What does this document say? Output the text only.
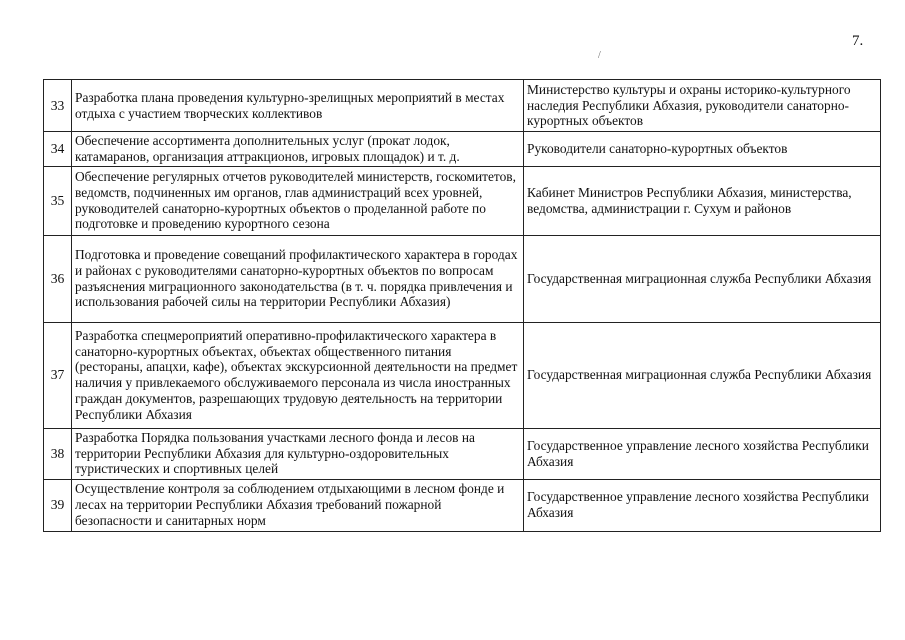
7.
/
33	Разработка плана проведения культурно-зрелищных мероприятий в местах отдыха с участием творческих коллективов	Министерство культуры и охраны историко-культурного наследия Республики Абхазия, руководители санаторно-курортных объектов
34	Обеспечение ассортимента дополнительных услуг (прокат лодок, катамаранов, организация аттракционов, игровых площадок) и т. д.	Руководители санаторно-курортных объектов
35	Обеспечение регулярных отчетов руководителей министерств, госкомитетов, ведомств, подчиненных им органов, глав администраций всех уровней, руководителей санаторно-курортных объектов о проделанной работе по подготовке и проведению курортного сезона	Кабинет Министров Республики Абхазия, министерства, ведомства, администрации г. Сухум и районов
36	Подготовка и проведение совещаний профилактического характера в городах и районах с руководителями санаторно-курортных объектов по вопросам разъяснения миграционного законодательства (в т. ч. порядка привлечения и использования рабочей силы на территории Республики Абхазия)	Государственная миграционная служба Республики Абхазия
37	Разработка спецмероприятий оперативно-профилактического характера в санаторно-курортных объектах, объектах общественного питания (рестораны, апацхи, кафе), объектах экскурсионной деятельности на предмет наличия у привлекаемого обслуживаемого персонала из числа иностранных граждан документов, разрешающих трудовую деятельность на территории Республики Абхазия	Государственная миграционная служба Республики Абхазия
38	Разработка Порядка пользования участками лесного фонда и лесов на территории Республики Абхазия для культурно-оздоровительных туристических и спортивных целей	Государственное управление лесного хозяйства Республики Абхазия
39	Осуществление контроля за соблюдением отдыхающими в лесном фонде и лесах на территории Республики Абхазия требований пожарной безопасности и санитарных норм	Государственное управление лесного хозяйства Республики Абхазия
